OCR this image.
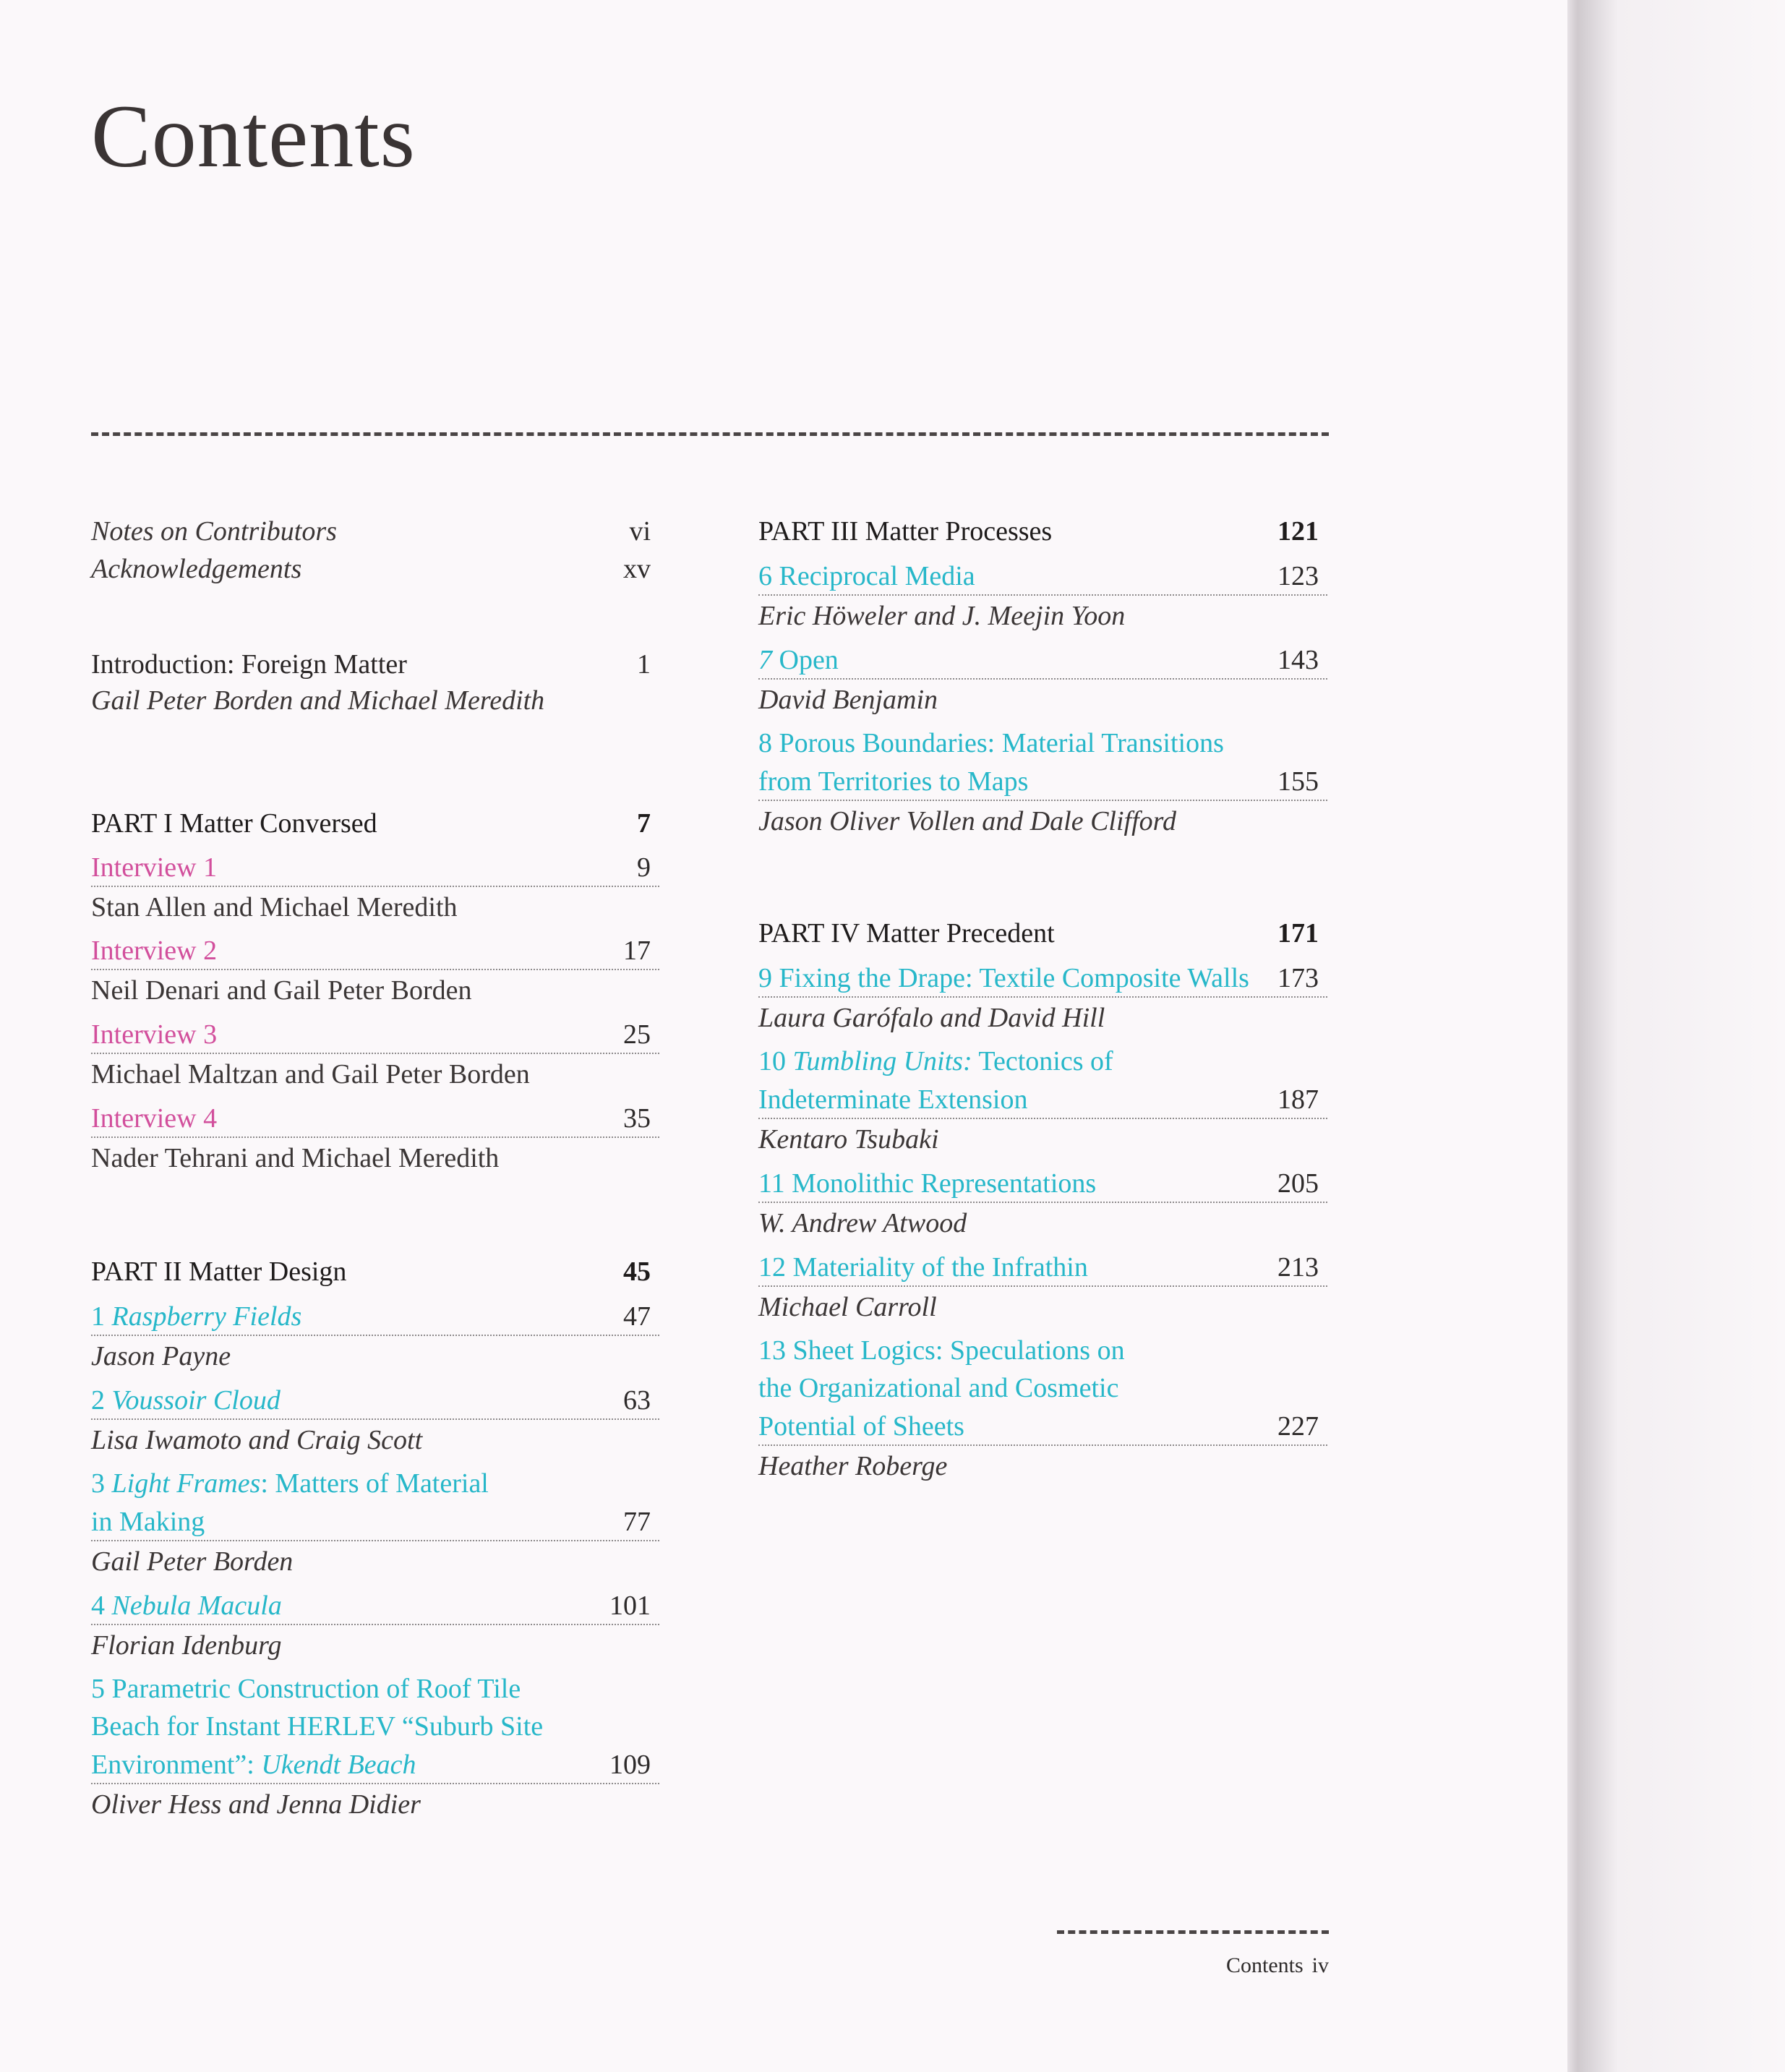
Contents
Notes on Contributors	vi
Acknowledgements	xv
Introduction: Foreign Matter	1
Gail Peter Borden and Michael Meredith
PART I Matter Conversed	7
Interview 1	9
Stan Allen and Michael Meredith
Interview 2	17
Neil Denari and Gail Peter Borden
Interview 3	25
Michael Maltzan and Gail Peter Borden
Interview 4	35
Nader Tehrani and Michael Meredith
PART II Matter Design	45
1 Raspberry Fields	47
Jason Payne
2 Voussoir Cloud	63
Lisa Iwamoto and Craig Scott
3 Light Frames: Matters of Material
in Making	77
Gail Peter Borden
4 Nebula Macula	101
Florian Idenburg
5 Parametric Construction of Roof Tile
Beach for Instant HERLEV “Suburb Site
Environment”: Ukendt Beach	109
Oliver Hess and Jenna Didier
PART III Matter Processes	121
6 Reciprocal Media	123
Eric Höweler and J. Meejin Yoon
7 Open	143
David Benjamin
8 Porous Boundaries: Material Transitions
from Territories to Maps	155
Jason Oliver Vollen and Dale Clifford
PART IV Matter Precedent	171
9 Fixing the Drape: Textile Composite Walls 173
Laura Garófalo and David Hill
10 Tumbling Units: Tectonics of
Indeterminate Extension	187
Kentaro Tsubaki
11 Monolithic Representations	205
W. Andrew Atwood
12 Materiality of the Infrathin	213
Michael Carroll
13 Sheet Logics: Speculations on
the Organizational and Cosmetic
Potential of Sheets	227
Heather Roberge
Contents iv
